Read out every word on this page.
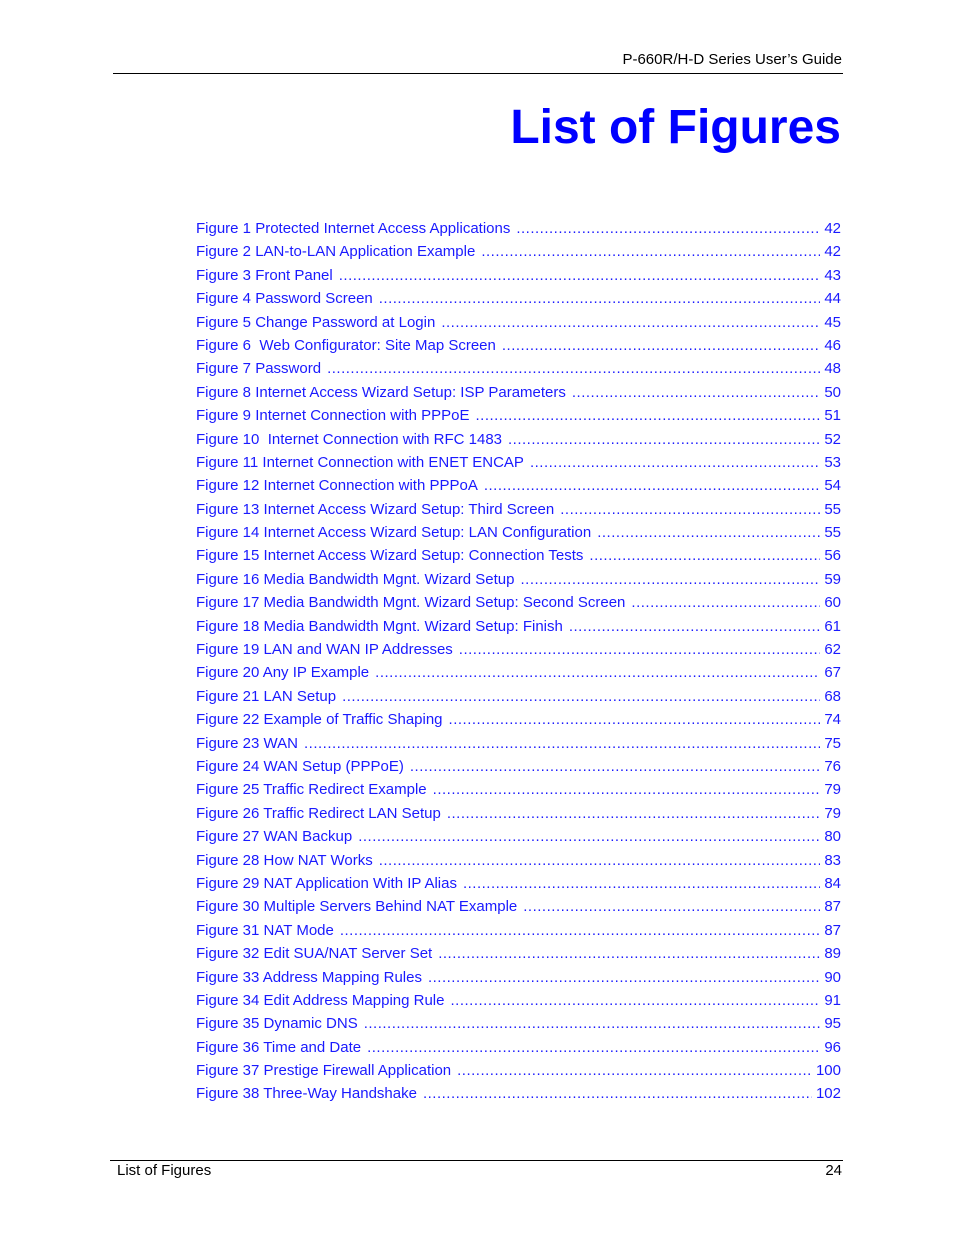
P-660R/H-D Series User’s Guide
List of Figures
Figure 1 Protected Internet Access Applications .....	42
Figure 2 LAN-to-LAN Application Example .....	42
Figure 3 Front Panel .....	43
Figure 4 Password Screen .....	44
Figure 5 Change Password at Login .....	45
Figure 6  Web Configurator: Site Map Screen .....	46
Figure 7 Password .....	48
Figure 8 Internet Access Wizard Setup: ISP Parameters .....	50
Figure 9 Internet Connection with PPPoE .....	51
Figure 10  Internet Connection with RFC 1483 .....	52
Figure 11 Internet Connection with ENET ENCAP .....	53
Figure 12 Internet Connection with PPPoA .....	54
Figure 13 Internet Access Wizard Setup: Third Screen .....	55
Figure 14 Internet Access Wizard Setup: LAN Configuration .....	55
Figure 15 Internet Access Wizard Setup: Connection Tests .....	56
Figure 16 Media Bandwidth Mgnt. Wizard Setup .....	59
Figure 17 Media Bandwidth Mgnt. Wizard Setup: Second Screen .....	60
Figure 18 Media Bandwidth Mgnt. Wizard Setup: Finish .....	61
Figure 19 LAN and WAN IP Addresses .....	62
Figure 20 Any IP Example .....	67
Figure 21 LAN Setup .....	68
Figure 22 Example of Traffic Shaping .....	74
Figure 23 WAN .....	75
Figure 24 WAN Setup (PPPoE) .....	76
Figure 25 Traffic Redirect Example .....	79
Figure 26 Traffic Redirect LAN Setup .....	79
Figure 27 WAN Backup .....	80
Figure 28 How NAT Works .....	83
Figure 29 NAT Application With IP Alias .....	84
Figure 30 Multiple Servers Behind NAT Example .....	87
Figure 31 NAT Mode .....	87
Figure 32 Edit SUA/NAT Server Set .....	89
Figure 33 Address Mapping Rules .....	90
Figure 34 Edit Address Mapping Rule .....	91
Figure 35 Dynamic DNS .....	95
Figure 36 Time and Date .....	96
Figure 37 Prestige Firewall Application .....	100
Figure 38 Three-Way Handshake .....	102
List of Figures	24
